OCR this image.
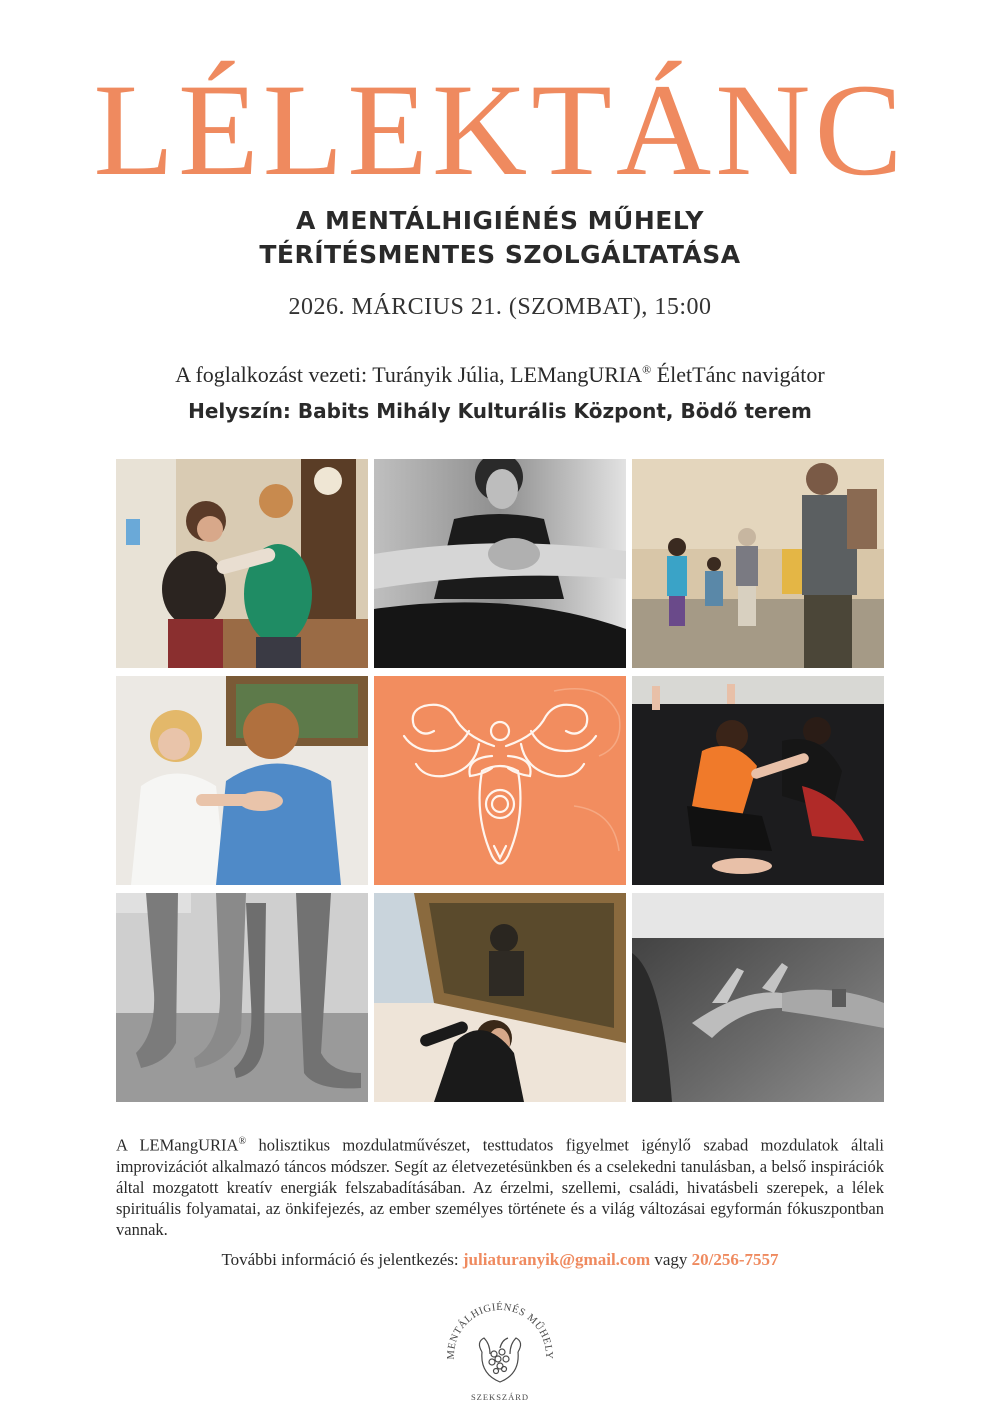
LÉLEKTÁNC
A MENTÁLHIGIÉNÉS MŰHELY
TÉRÍTÉSMENTES SZOLGÁLTATÁSA
2026. MÁRCIUS 21. (SZOMBAT), 15:00
A foglalkozást vezeti: Turányik Júlia, LEMangURIA® ÉletTánc navigátor
Helyszín: Babits Mihály Kulturális Központ, Bödő terem
A LEMangURIA® holisztikus mozdulatművészet, testtudatos figyelmet igénylő szabad mozdulatok általi improvizációt alkalmazó táncos módszer. Segít az életvezetésünkben és a cselekedni tanulásban, a belső inspirációk által mozgatott kreatív energiák felszabadításában. Az érzelmi, szellemi, családi, hivatásbeli szerepek, a lélek spirituális folyamatai, az önkifejezés, az ember személyes története és a világ változásai egyformán fókuszpontban vannak.
További információ és jelentkezés: juliaturanyik@gmail.com vagy 20/256-7557
MENTÁLHIGIÉNÉS MŰHELY
SZEKSZÁRD
